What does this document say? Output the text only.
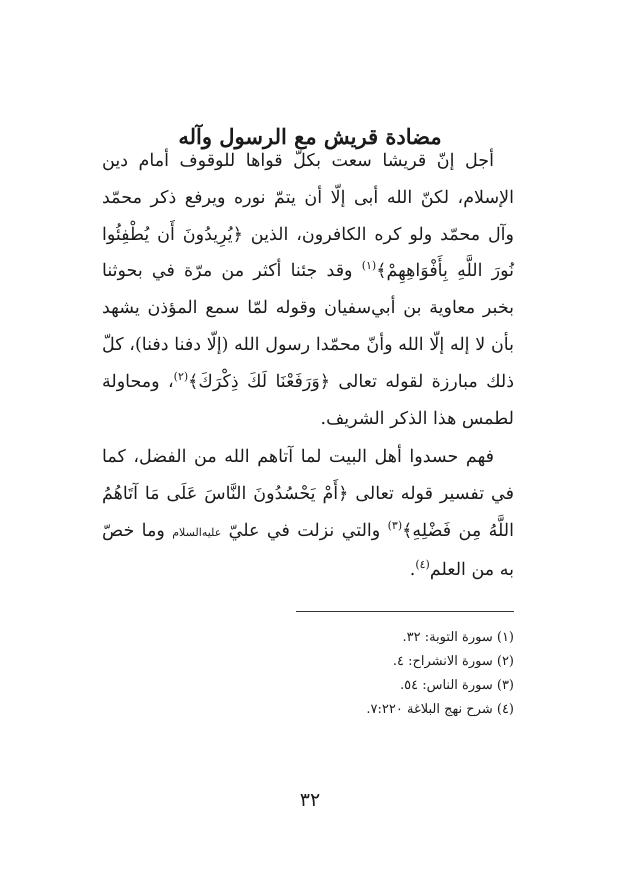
مضادة قريش مع الرسول وآله

أجل إنّ قريشا سعت بكلّ قواها للوقوف أمام دين الإسلام، لكنّ الله أبى إلّا أن يتمّ نوره ويرفع ذكر محمّد وآل محمّد ولو كره الكافرون، الذين ﴿يُرِيدُونَ أَن يُطْفِئُوا نُورَ اللَّهِ بِأَفْوَاهِهِمْ﴾$^{(١)}$ وقد جئنا أكثر من مرّة في بحوثنا بخبر معاوية بن أبي‌سفيان وقوله لمّا سمع المؤذن يشهد بأن لا إله إلّا الله وأنّ محمّدا رسول الله (إلّا دفنا دفنا)، كلّ ذلك مبارزة لقوله تعالى ﴿وَرَفَعْنَا لَكَ ذِكْرَكَ﴾$^{(٢)}$، ومحاولة لطمس هذا الذكر الشريف.

فهم حسدوا أهل البيت لما آتاهم الله من الفضل، كما في تفسير قوله تعالى ﴿أَمْ يَحْسُدُونَ النَّاسَ عَلَى مَا آتَاهُمُ اللَّهُ مِن فَضْلِهِ﴾$^{(٣)}$ والتي نزلت في عليّ عليه‌السلام وما خصّ به من العلم$^{(٤)}$.

(١) سورة التوبة: ٣٢.
(٢) سورة الانشراح: ٤.
(٣) سورة الناس: ٥٤.
(٤) شرح نهج البلاغة ٧:٢٢٠.
٣٢
